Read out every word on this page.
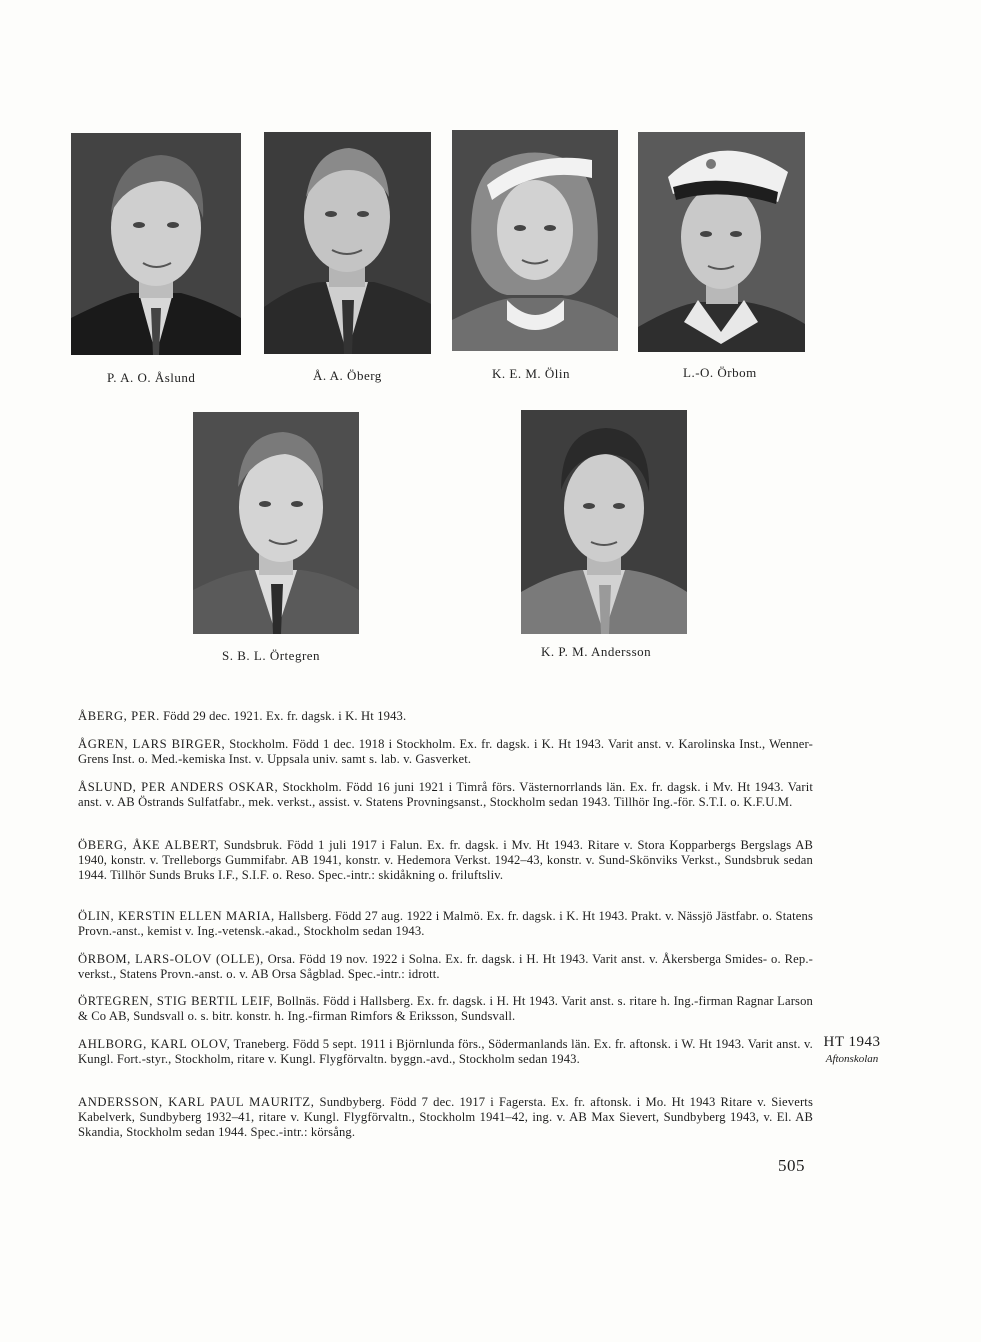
P. A. O. Åslund	Å. A. Öberg	K. E. M. Ölin	L.-O. Örbom
S. B. L. Örtegren	K. P. M. Andersson
ÅBERG, PER. Född 29 dec. 1921. Ex. fr. dagsk. i K. Ht 1943.
ÅGREN, LARS BIRGER, Stockholm. Född 1 dec. 1918 i Stockholm. Ex. fr. dagsk. i K. Ht 1943. Varit anst. v. Karolinska Inst., Wenner-Grens Inst. o. Med.-kemiska Inst. v. Uppsala univ. samt s. lab. v. Gasverket.
ÅSLUND, PER ANDERS OSKAR, Stockholm. Född 16 juni 1921 i Timrå förs. Västernorrlands län. Ex. fr. dagsk. i Mv. Ht 1943. Varit anst. v. AB Östrands Sulfatfabr., mek. verkst., assist. v. Statens Provningsanst., Stockholm sedan 1943. Tillhör Ing.-för. S.T.I. o. K.F.U.M.
ÖBERG, ÅKE ALBERT, Sundsbruk. Född 1 juli 1917 i Falun. Ex. fr. dagsk. i Mv. Ht 1943. Ritare v. Stora Kopparbergs Bergslags AB 1940, konstr. v. Trelleborgs Gummifabr. AB 1941, konstr. v. Hedemora Verkst. 1942–43, konstr. v. Sund-Skönviks Verkst., Sundsbruk sedan 1944. Tillhör Sunds Bruks I.F., S.I.F. o. Reso. Spec.-intr.: skidåkning o. friluftsliv.
ÖLIN, KERSTIN ELLEN MARIA, Hallsberg. Född 27 aug. 1922 i Malmö. Ex. fr. dagsk. i K. Ht 1943. Prakt. v. Nässjö Jästfabr. o. Statens Provn.-anst., kemist v. Ing.-vetensk.-akad., Stockholm sedan 1943.
ÖRBOM, LARS-OLOV (OLLE), Orsa. Född 19 nov. 1922 i Solna. Ex. fr. dagsk. i H. Ht 1943. Varit anst. v. Åkersberga Smides- o. Rep.-verkst., Statens Provn.-anst. o. v. AB Orsa Sågblad. Spec.-intr.: idrott.
ÖRTEGREN, STIG BERTIL LEIF, Bollnäs. Född i Hallsberg. Ex. fr. dagsk. i H. Ht 1943. Varit anst. s. ritare h. Ing.-firman Ragnar Larson & Co AB, Sundsvall o. s. bitr. konstr. h. Ing.-firman Rimfors & Eriksson, Sundsvall.
AHLBORG, KARL OLOV, Traneberg. Född 5 sept. 1911 i Björnlunda förs., Södermanlands län. Ex. fr. aftonsk. i W. Ht 1943. Varit anst. v. Kungl. Fort.-styr., Stockholm, ritare v. Kungl. Flygförvaltn. byggn.-avd., Stockholm sedan 1943.
ANDERSSON, KARL PAUL MAURITZ, Sundbyberg. Född 7 dec. 1917 i Fagersta. Ex. fr. aftonsk. i Mo. Ht 1943 Ritare v. Sieverts Kabelverk, Sundbyberg 1932–41, ritare v. Kungl. Flygförvaltn., Stockholm 1941–42, ing. v. AB Max Sievert, Sundbyberg 1943, v. El. AB Skandia, Stockholm sedan 1944. Spec.-intr.: körsång.
HT 1943
Aftonskolan
505
